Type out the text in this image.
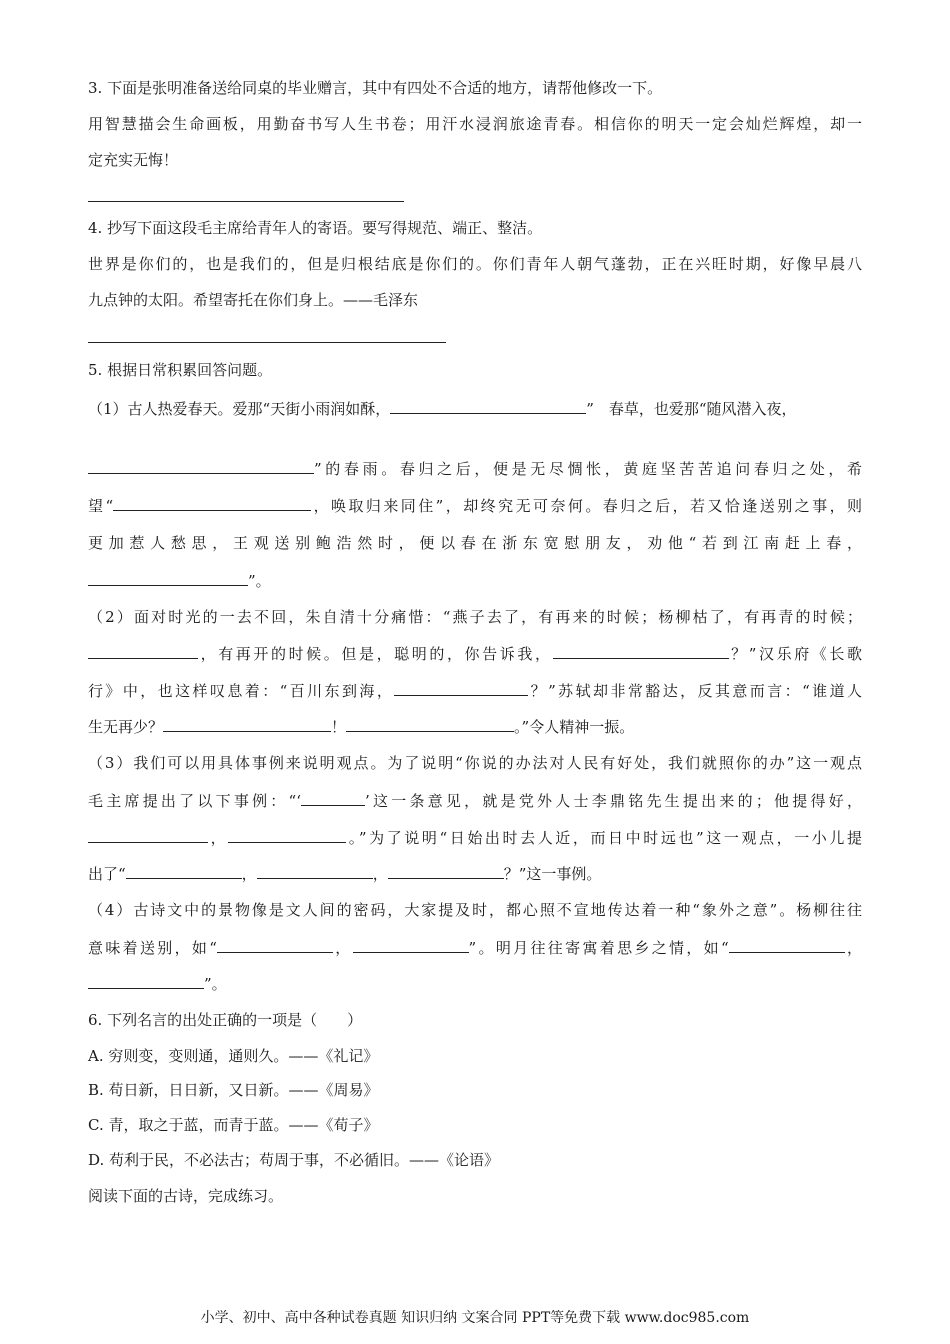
3. 下面是张明准备送给同桌的毕业赠言，其中有四处不合适的地方，请帮他修改一下。
用智慧描会生命画板，用勤奋书写人生书卷；用汗水浸润旅途青春。相信你的明天一定会灿烂辉煌，却一
定充实无悔！
4. 抄写下面这段毛主席给青年人的寄语。要写得规范、端正、整洁。
世界是你们的，也是我们的，但是归根结底是你们的。你们青年人朝气蓬勃，正在兴旺时期，好像早晨八
九点钟的太阳。希望寄托在你们身上。——毛泽东
5. 根据日常积累回答问题。
（1）古人热爱春天。爱那“天街小雨润如酥，	”　春草，也爱那“随风潜入夜，
”的春雨。春归之后，便是无尽惆怅，黄庭坚苦苦追问春归之处，希
望“	，唤取归来同住”，却终究无可奈何。春归之后，若又恰逢送别之事，则
更加惹人愁思，王观送别鲍浩然时，便以春在浙东宽慰朋友，劝他“若到江南赶上春，
”。
（2）面对时光的一去不回，朱自清十分痛惜：“燕子去了，有再来的时候；杨柳枯了，有再青的时候；
，有再开的时候。但是，聪明的，你告诉我，	？”汉乐府《长歌
行》中，也这样叹息着：“百川东到海，	？”苏轼却非常豁达，反其意而言：“谁道人
生无再少？	！	。”令人精神一振。
（3）我们可以用具体事例来说明观点。为了说明“你说的办法对人民有好处，我们就照你的办”这一观点
毛主席提出了以下事例：“‘	’这一条意见，就是党外人士李鼎铭先生提出来的；他提得好，
，	。”为了说明“日始出时去人近，而日中时远也”这一观点，一小儿提
出了“	，	，	？”这一事例。
（4）古诗文中的景物像是文人间的密码，大家提及时，都心照不宣地传达着一种“象外之意”。杨柳往往
意味着送别，如“	，	”。明月往往寄寓着思乡之情，如“	，
”。
6. 下列名言的出处正确的一项是（　　）
A. 穷则变，变则通，通则久。——《礼记》
B. 苟日新，日日新，又日新。——《周易》
C. 青，取之于蓝，而青于蓝。——《荀子》
D. 苟利于民，不必法古；苟周于事，不必循旧。——《论语》
阅读下面的古诗，完成练习。
小学、初中、高中各种试卷真题 知识归纳 文案合同 PPT等免费下载 www.doc985.com
